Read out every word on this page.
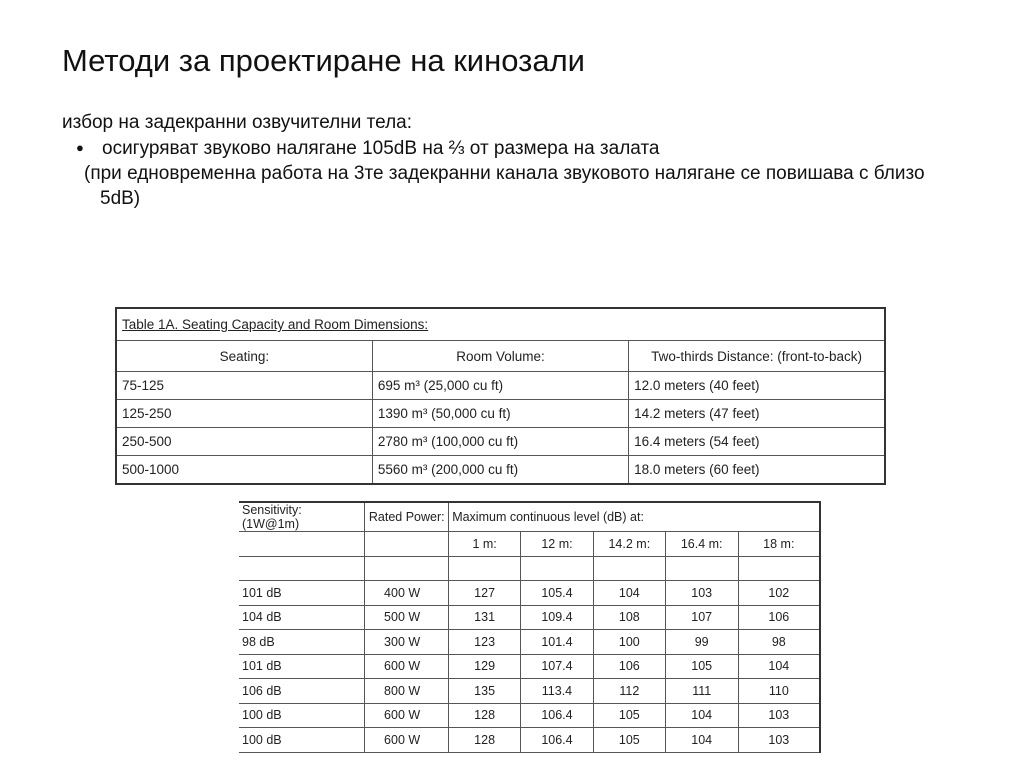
Методи за проектиране на кинозали
избор на задекранни озвучителни тела:
● осигуряват звуково налягане 105dB на ⅔ от размера на залата
(при едновременна работа на 3те задекранни канала звуковото налягане се повишава с близо 5dB)
Table 1A. Seating Capacity and Room Dimensions:		
Seating:	Room Volume:	Two-thirds Distance: (front-to-back)
75-125	695 m³ (25,000 cu ft)	12.0 meters (40 feet)
125-250	1390 m³ (50,000 cu ft)	14.2 meters (47 feet)
250-500	2780 m³ (100,000 cu ft)	16.4 meters (54 feet)
500-1000	5560 m³ (200,000 cu ft)	18.0 meters (60 feet)
Sensitivity: (1W@1m)	Rated Power:	Maximum continuous level (dB) at:				
		1 m:	12 m:	14.2 m:	16.4 m:	18 m:

101 dB	400 W	127	105.4	104	103	102
104 dB	500 W	131	109.4	108	107	106
98 dB	300 W	123	101.4	100	99	98
101 dB	600 W	129	107.4	106	105	104
106 dB	800 W	135	113.4	112	111	110
100 dB	600 W	128	106.4	105	104	103
100 dB	600 W	128	106.4	105	104	103
